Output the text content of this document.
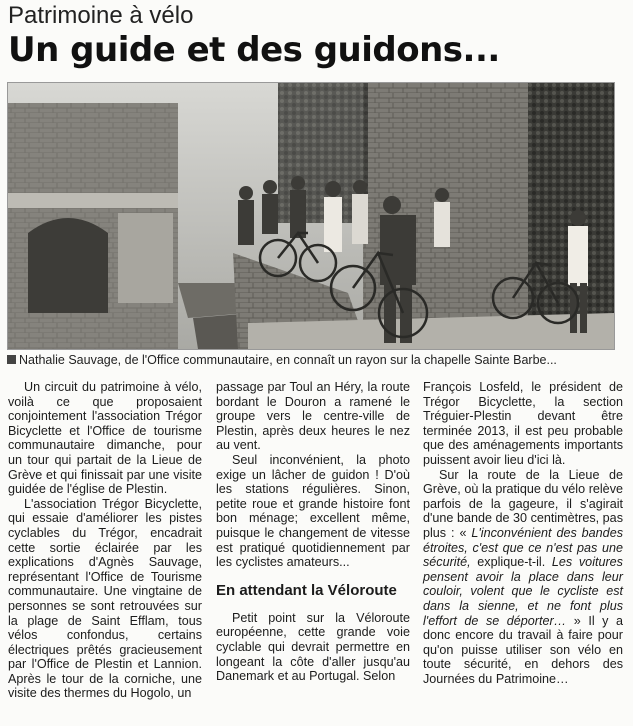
Patrimoine à vélo
Un guide et des guidons...
Nathalie Sauvage, de l'Office communautaire, en connaît un rayon sur la chapelle Sainte Barbe...

Un circuit du patrimoine à vélo, voilà ce que proposaient conjointement l'association Trégor Bicyclette et l'Office de tourisme communautaire dimanche, pour un tour qui partait de la Lieue de Grève et qui finissait par une visite guidée de l'église de Plestin.

L'association Trégor Bicyclette, qui essaie d'améliorer les pistes cyclables du Trégor, encadrait cette sortie éclairée par les explications d'Agnès Sauvage, représentant l'Office de Tourisme communautaire. Une vingtaine de personnes se sont retrouvées sur la plage de Saint Efflam, tous vélos confondus, certains électriques prêtés gracieusement par l'Office de Plestin et Lannion. Après le tour de la corniche, une visite des thermes du Hogolo, un

passage par Toul an Héry, la route bordant le Douron a ramené le groupe vers le centre-ville de Plestin, après deux heures le nez au vent.

Seul inconvénient, la photo exige un lâcher de guidon ! D'où les stations régulières. Sinon, petite roue et grande histoire font bon ménage; excellent même, puisque le changement de vitesse est pratiqué quotidiennement par les cyclistes amateurs...

En attendant la Véloroute

Petit point sur la Véloroute européenne, cette grande voie cyclable qui devrait permettre en longeant la côte d'aller jusqu'au Danemark et au Portugal. Selon

François Losfeld, le président de Trégor Bicyclette, la section Tréguier-Plestin devant être terminée 2013, il est peu probable que des aménagements importants puissent avoir lieu d'ici là.

Sur la route de la Lieue de Grève, où la pratique du vélo relève parfois de la gageure, il s'agirait d'une bande de 30 centimètres, pas plus : « L'inconvénient des bandes étroites, c'est que ce n'est pas une sécurité, explique-t-il. Les voitures pensent avoir la place dans leur couloir, volent que le cycliste est dans la sienne, et ne font plus l'effort de se déporter… » Il y a donc encore du travail à faire pour qu'on puisse utiliser son vélo en toute sécurité, en dehors des Journées du Patrimoine…
